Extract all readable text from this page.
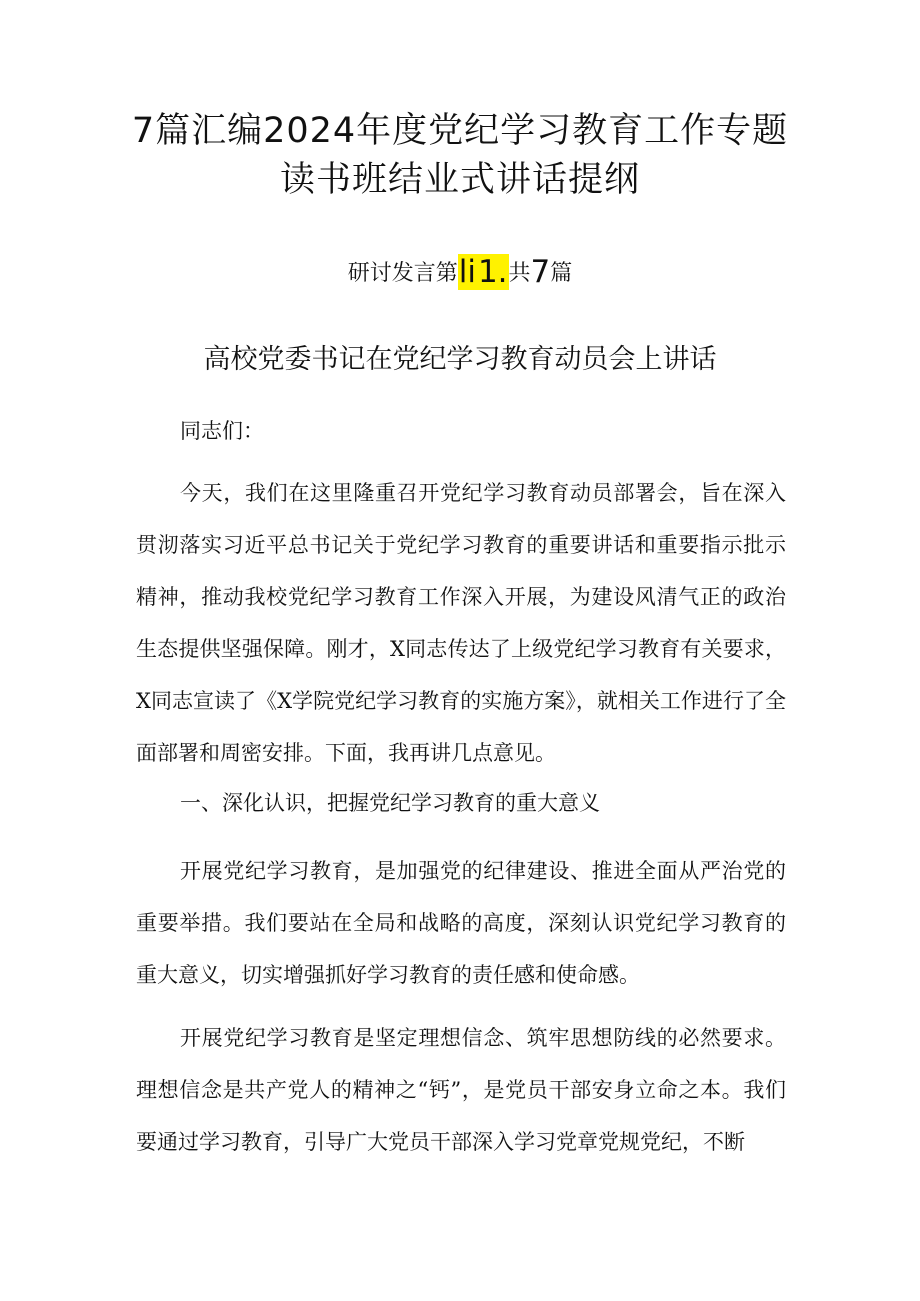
7篇汇编2024年度党纪学习教育工作专题
读书班结业式讲话提纲
研讨发言第li1.共7篇
高校党委书记在党纪学习教育动员会上讲话

同志们：

今天，我们在这里隆重召开党纪学习教育动员部署会，旨在深入贯沏落实习近平总书记关于党纪学习教育的重要讲话和重要指示批示精神，推动我校党纪学习教育工作深入开展，为建设风清气正的政治生态提供坚强保障。刚才，X同志传达了上级党纪学习教育有关要求，X同志宣读了《X学院党纪学习教育的实施方案》，就相关工作进行了全面部署和周密安排。下面，我再讲几点意见。

一、深化认识，把握党纪学习教育的重大意义

开展党纪学习教育，是加强党的纪律建设、推进全面从严治党的重要举措。我们要站在全局和战略的高度，深刻认识党纪学习教育的重大意义，切实增强抓好学习教育的责任感和使命感。

开展党纪学习教育是坚定理想信念、筑牢思想防线的必然要求。理想信念是共产党人的精神之“钙”，是党员干部安身立命之本。我们要通过学习教育，引导广大党员干部深入学习党章党规党纪，不断
